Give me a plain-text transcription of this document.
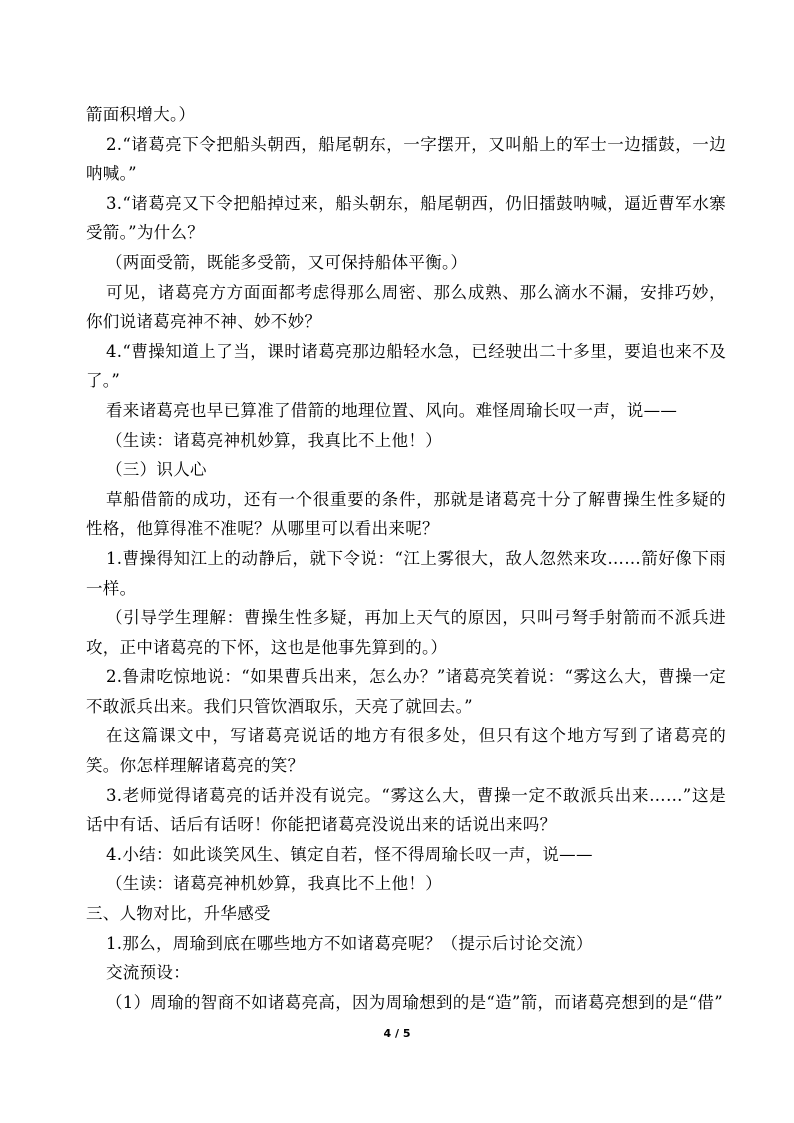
箭面积增大。）

2.“诸葛亮下令把船头朝西，船尾朝东，一字摆开，又叫船上的军士一边擂鼓，一边呐喊。”

3.“诸葛亮又下令把船掉过来，船头朝东，船尾朝西，仍旧擂鼓呐喊，逼近曹军水寨受箭。”为什么？

（两面受箭，既能多受箭，又可保持船体平衡。）

可见，诸葛亮方方面面都考虑得那么周密、那么成熟、那么滴水不漏，安排巧妙，你们说诸葛亮神不神、妙不妙？

4.“曹操知道上了当，课时诸葛亮那边船轻水急，已经驶出二十多里，要追也来不及了。”

看来诸葛亮也早已算准了借箭的地理位置、风向。难怪周瑜长叹一声，说——

（生读：诸葛亮神机妙算，我真比不上他！）

（三）识人心

草船借箭的成功，还有一个很重要的条件，那就是诸葛亮十分了解曹操生性多疑的性格，他算得准不准呢？从哪里可以看出来呢？

1.曹操得知江上的动静后，就下令说：“江上雾很大，敌人忽然来攻……箭好像下雨一样。

（引导学生理解：曹操生性多疑，再加上天气的原因，只叫弓弩手射箭而不派兵进攻，正中诸葛亮的下怀，这也是他事先算到的。）

2.鲁肃吃惊地说：“如果曹兵出来，怎么办？”诸葛亮笑着说：“雾这么大，曹操一定不敢派兵出来。我们只管饮酒取乐，天亮了就回去。”

在这篇课文中，写诸葛亮说话的地方有很多处，但只有这个地方写到了诸葛亮的笑。你怎样理解诸葛亮的笑？

3.老师觉得诸葛亮的话并没有说完。“雾这么大，曹操一定不敢派兵出来……”这是话中有话、话后有话呀！你能把诸葛亮没说出来的话说出来吗？

4.小结：如此谈笑风生、镇定自若，怪不得周瑜长叹一声，说——

（生读：诸葛亮神机妙算，我真比不上他！）

三、人物对比，升华感受

1.那么，周瑜到底在哪些地方不如诸葛亮呢？（提示后讨论交流）

交流预设：

（1）周瑜的智商不如诸葛亮高，因为周瑜想到的是“造”箭，而诸葛亮想到的是“借”

4 / 5
